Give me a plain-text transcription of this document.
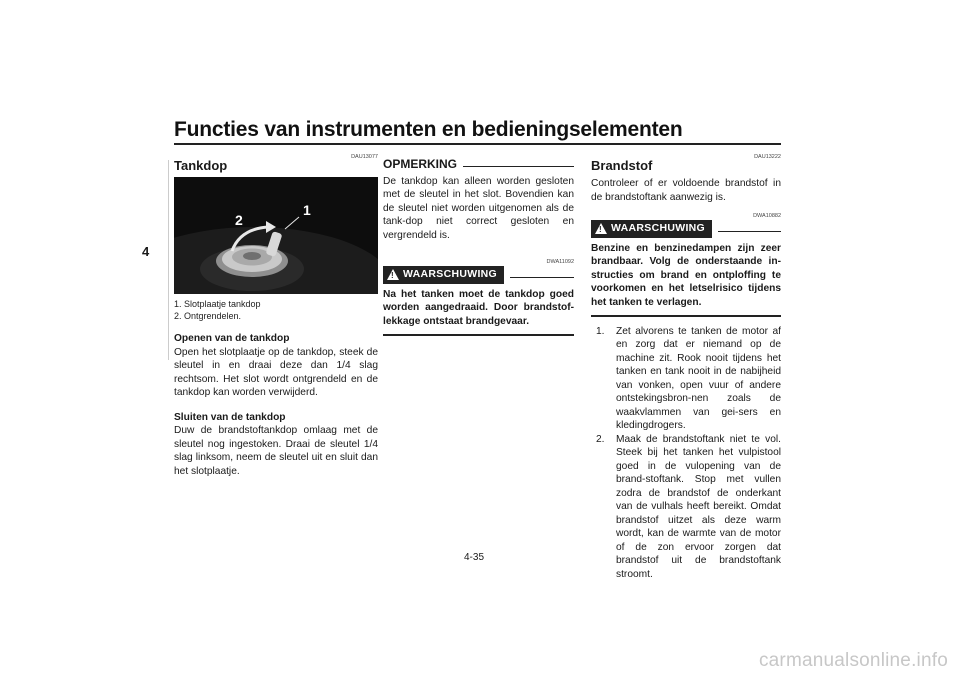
Functies van instrumenten en bedieningselementen
4
DAU13077
Tankdop
1
2
1. Slotplaatje tankdop
2. Ontgrendelen.
Openen van de tankdop

Open het slotplaatje op de tankdop, steek de sleutel in en draai deze dan 1/4 slag rechtsom. Het slot wordt ontgrendeld en de tankdop kan worden verwijderd.

Sluiten van de tankdop

Duw de brandstoftankdop omlaag met de sleutel nog ingestoken. Draai de sleutel 1/4 slag linksom, neem de sleutel uit en sluit dan het slotplaatje.

OPMERKING

De tankdop kan alleen worden gesloten met de sleutel in het slot. Bovendien kan de sleutel niet worden uitgenomen als de tank-dop niet correct gesloten en vergrendeld is.

DWA11092
! WAARSCHUWING
Na het tanken moet de tankdop goed worden aangedraaid. Door brandstof-lekkage ontstaat brandgevaar.
DAU13222
Brandstof

Controleer of er voldoende brandstof in de brandstoftank aanwezig is.

DWA10882
! WAARSCHUWING
Benzine en benzinedampen zijn zeer brandbaar. Volg de onderstaande in-structies om brand en ontploffing te voorkomen en het letselrisico tijdens het tanken te verlagen.
1.	Zet alvorens te tanken de motor af en zorg dat er niemand op de machine zit. Rook nooit tijdens het tanken en tank nooit in de nabijheid van vonken, open vuur of andere ontstekingsbron-nen zoals de waakvlammen van gei-sers en kledingdrogers.
2.	Maak de brandstoftank niet te vol. Steek bij het tanken het vulpistool goed in de vulopening van de brand-stoftank. Stop met vullen zodra de brandstof de onderkant van de vulhals heeft bereikt. Omdat brandstof uitzet als deze warm wordt, kan de warmte van de motor of de zon ervoor zorgen dat brandstof uit de brandstoftank stroomt.
4-35
carmanualsonline.info
